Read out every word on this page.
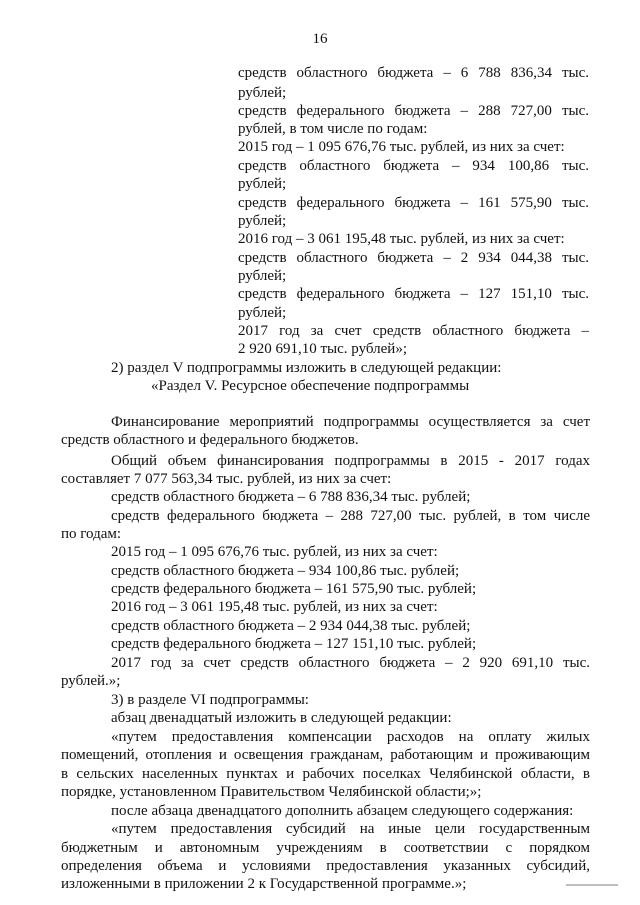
16
средств областного бюджета – 6 788 836,34 тыс.
рублей;
средств федерального бюджета – 288 727,00 тыс.
рублей, в том числе по годам:
2015 год – 1 095 676,76 тыс. рублей, из них за счет:
средств областного бюджета – 934 100,86 тыс.
рублей;
средств федерального бюджета – 161 575,90 тыс.
рублей;
2016 год – 3 061 195,48 тыс. рублей, из них за счет:
средств областного бюджета – 2 934 044,38 тыс.
рублей;
средств федерального бюджета – 127 151,10 тыс.
рублей;
2017 год за счет средств областного бюджета –
2 920 691,10 тыс. рублей»;
2) раздел V подпрограммы изложить в следующей редакции:
«Раздел V. Ресурсное обеспечение подпрограммы
Финансирование мероприятий подпрограммы осуществляется за счет
средств областного и федерального бюджетов.
Общий объем финансирования подпрограммы в 2015 - 2017 годах
составляет 7 077 563,34 тыс. рублей, из них за счет:
средств областного бюджета – 6 788 836,34 тыс. рублей;
средств федерального бюджета – 288 727,00 тыс. рублей, в том числе
по годам:
2015 год – 1 095 676,76 тыс. рублей, из них за счет:
средств областного бюджета – 934 100,86 тыс. рублей;
средств федерального бюджета – 161 575,90 тыс. рублей;
2016 год – 3 061 195,48 тыс. рублей, из них за счет:
средств областного бюджета – 2 934 044,38 тыс. рублей;
средств федерального бюджета – 127 151,10 тыс. рублей;
2017 год за счет средств областного бюджета – 2 920 691,10 тыс.
рублей.»;
3) в разделе VI подпрограммы:
абзац двенадцатый изложить в следующей редакции:
«путем предоставления компенсации расходов на оплату жилых
помещений, отопления и освещения гражданам, работающим и проживающим
в сельских населенных пунктах и рабочих поселках Челябинской области, в
порядке, установленном Правительством Челябинской области;»;
после абзаца двенадцатого дополнить абзацем следующего содержания:
«путем предоставления субсидий на иные цели государственным
бюджетным и автономным учреждениям в соответствии с порядком
определения объема и условиями предоставления указанных субсидий,
изложенными в приложении 2 к Государственной программе.»;
